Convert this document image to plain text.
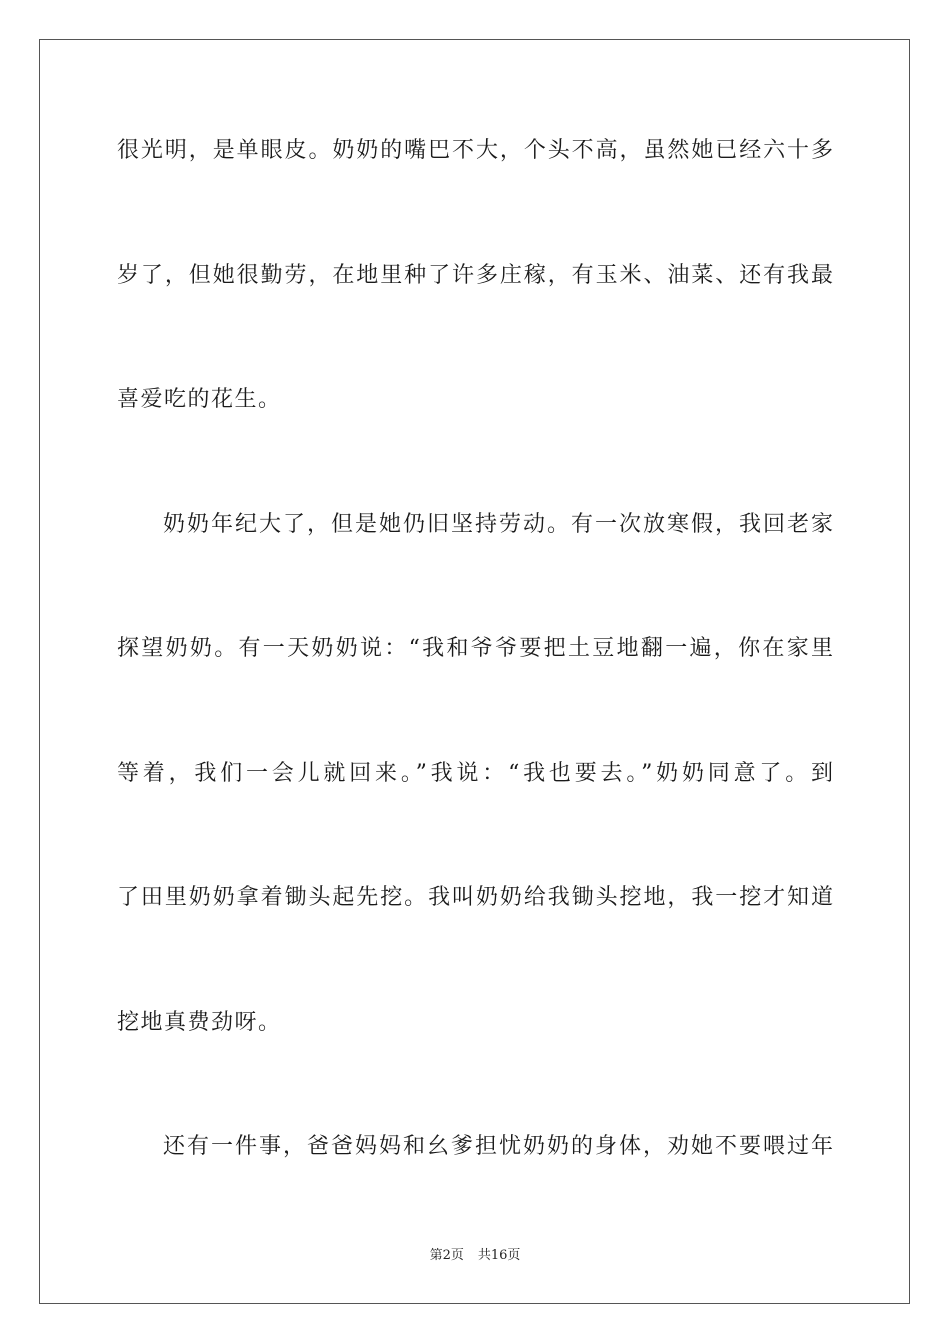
很光明，是单眼皮。奶奶的嘴巴不大，个头不高，虽然她已经六十多
岁了，但她很勤劳，在地里种了许多庄稼，有玉米、油菜、还有我最
喜爱吃的花生。
奶奶年纪大了，但是她仍旧坚持劳动。有一次放寒假，我回老家
探望奶奶。有一天奶奶说：“我和爷爷要把土豆地翻一遍，你在家里
等着，我们一会儿就回来。”我说：“我也要去。”奶奶同意了。到
了田里奶奶拿着锄头起先挖。我叫奶奶给我锄头挖地，我一挖才知道
挖地真费劲呀。
还有一件事，爸爸妈妈和幺爹担忧奶奶的身体，劝她不要喂过年
第2页 共16页
